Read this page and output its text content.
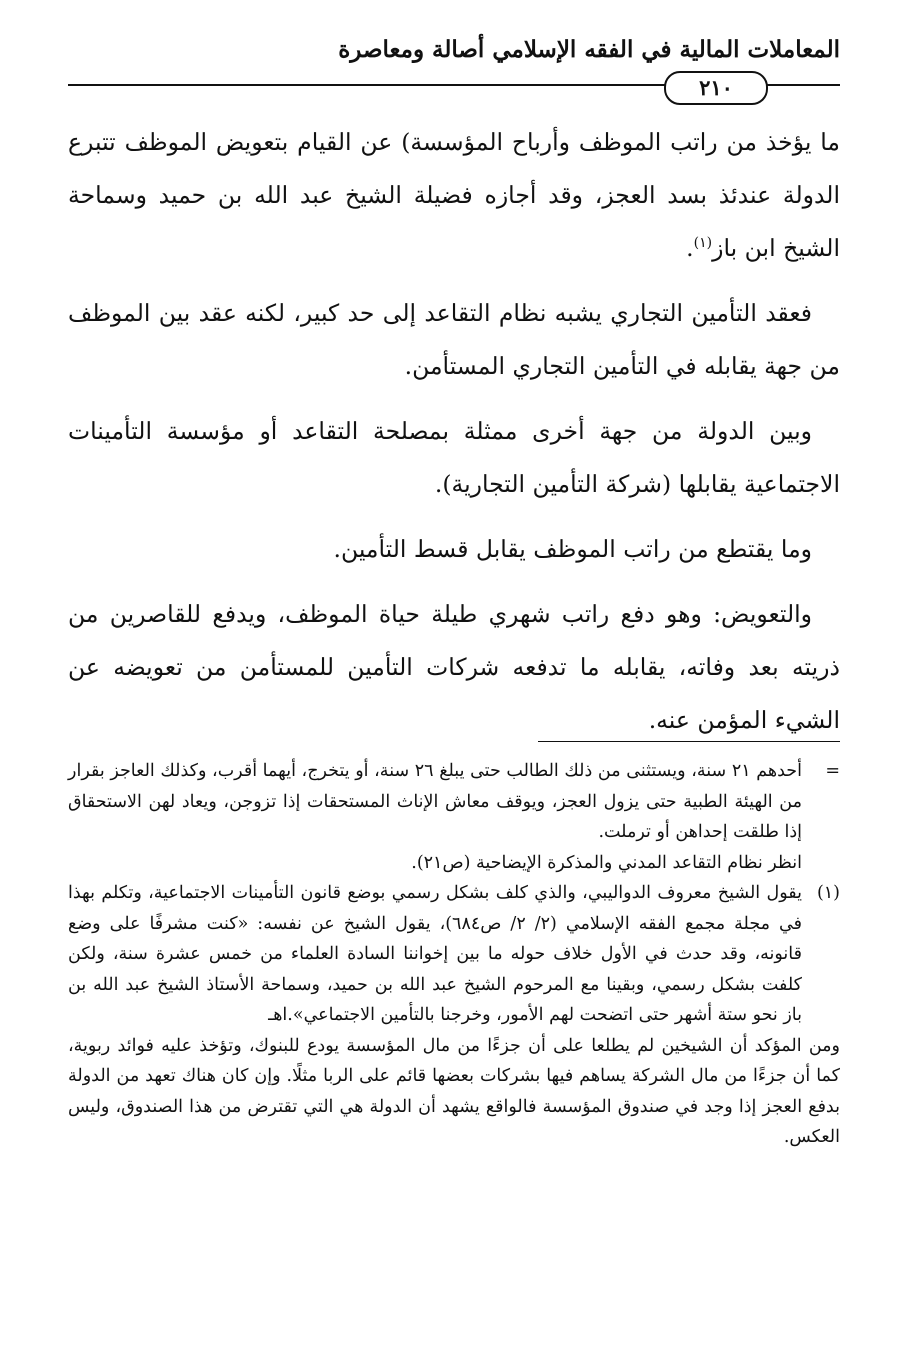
المعاملات المالية في الفقه الإسلامي أصالة ومعاصرة
٢١٠

ما يؤخذ من راتب الموظف وأرباح المؤسسة) عن القيام بتعويض الموظف تتبرع الدولة عندئذ بسد العجز، وقد أجازه فضيلة الشيخ عبد الله بن حميد وسماحة الشيخ ابن باز$^{(١)}$.

فعقد التأمين التجاري يشبه نظام التقاعد إلى حد كبير، لكنه عقد بين الموظف من جهة يقابله في التأمين التجاري المستأمن.

وبين الدولة من جهة أخرى ممثلة بمصلحة التقاعد أو مؤسسة التأمينات الاجتماعية يقابلها (شركة التأمين التجارية).

وما يقتطع من راتب الموظف يقابل قسط التأمين.

والتعويض: وهو دفع راتب شهري طيلة حياة الموظف، ويدفع للقاصرين من ذريته بعد وفاته، يقابله ما تدفعه شركات التأمين للمستأمن من تعويضه عن الشيء المؤمن عنه.

=
أحدهم ٢١ سنة، ويستثنى من ذلك الطالب حتى يبلغ ٢٦ سنة، أو يتخرج، أيهما أقرب، وكذلك العاجز بقرار من الهيئة الطبية حتى يزول العجز، ويوقف معاش الإناث المستحقات إذا تزوجن، ويعاد لهن الاستحقاق إذا طلقت إحداهن أو ترملت.

انظر نظام التقاعد المدني والمذكرة الإيضاحية (ص٢١).

(١)
يقول الشيخ معروف الدواليبي، والذي كلف بشكل رسمي بوضع قانون التأمينات الاجتماعية، وتكلم بهذا في مجلة مجمع الفقه الإسلامي (٢/ ٢/ ص٦٨٤)، يقول الشيخ عن نفسه: «كنت مشرفًا على وضع قانونه، وقد حدث في الأول خلاف حوله ما بين إخواننا السادة العلماء من خمس عشرة سنة، ولكن كلفت بشكل رسمي، وبقينا مع المرحوم الشيخ عبد الله بن حميد، وسماحة الأستاذ الشيخ عبد الله بن باز نحو ستة أشهر حتى اتضحت لهم الأمور، وخرجنا بالتأمين الاجتماعي».اهـ

ومن المؤكد أن الشيخين لم يطلعا على أن جزءًا من مال المؤسسة يودع للبنوك، وتؤخذ عليه فوائد ربوية، كما أن جزءًا من مال الشركة يساهم فيها بشركات بعضها قائم على الربا مثلًا. وإن كان هناك تعهد من الدولة بدفع العجز إذا وجد في صندوق المؤسسة فالواقع يشهد أن الدولة هي التي تقترض من هذا الصندوق، وليس العكس.
